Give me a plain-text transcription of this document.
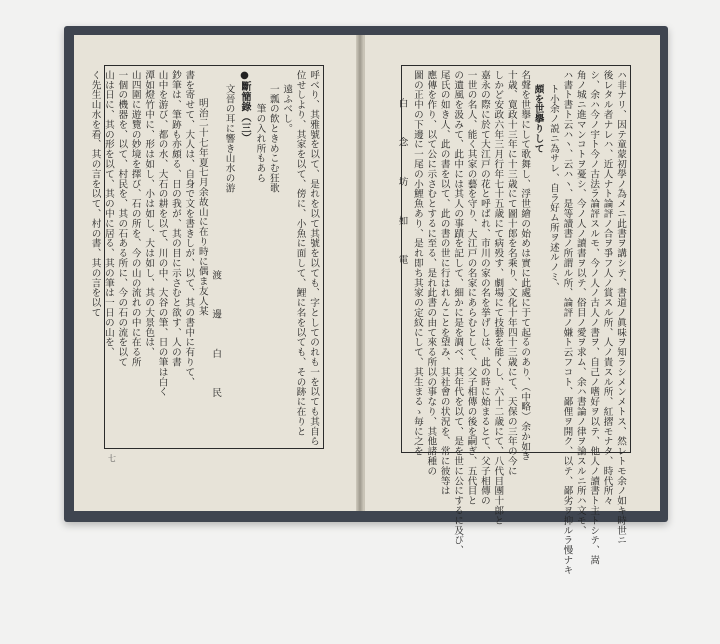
ハ非ナリ、因テ童蒙初學ノ為メニ此書ヲ講シテ、書道ノ眞味ヲ知ラシメンメトス、然レトモ余ノ如キ時世ニ
後レタル者ナレハ、近人ナト論評ノ合ヲ爭フ人ノ賞スル所、人ノ貴スル所、紅摺モナタ、時代所々
シ、余ハ今ノ宇ト今ノ古法ラ論評スルモ、今ノ人ノ古人ノ書ヲ、自己ノ嗜好ヲ以テ、他人ノ讀書ト主トシテ、嵩
角ノ城ニ進マンコトヲ憂シ、今ノ人ノ讀書ヲ以テ、俗目ノ愛ヲ求ム、余ハ書論ノ律ヲ論スルニ所ハ文モ、
ハ書ト書ト云ハヽ、云ハヽ、是等讀書ノ所謂ル所、論評ノ嫌ト云フコト、鄙俚ヲ開ク、以テ、鄙劣ヲ抑ルラ慢ナキ
ト小余ノ説ニ為サレ、自ラ好ム所ヲ述ルノミ、
頗を世擧りして
名聲を世擧にして歌舞し、浮世繪の始めは實に此處に于て起るのあり、（中略）余か如き
十歳、寛政十三年に十三歳にて圖十郎を名乘り、文化十年四十三歳にて、天保の三年の今に
しかど安政六年三月行年七十五歳にて病殁す、劇場にて技藝を能くし、六十二歳にて、八代目團十郎と
嘉永の際に於て大江戸の花と呼ばれ、市川の家の名を挙げしは、此の時に始まるとて、父子相傳の
一世の名人、能く其家の藝を守り、大江戸の名家にあらむとして、父子相傳の後を嗣ぎ、五代目と
の遺風を汲みて、此中には其人の事蹟を記して、細かに是を調べ、其年代を以て、是を世に公にするに及び、
尾氏の如き人、此の書を以て、此の書の世に行はれんことを望み、其社會の状況を、常に彼等は
應傳を作り、以て公に示さむとするに至る、是れ此書の由て來る所以の事なり、其他諸種の
圖の正中の下邊に一尾の小鯉魚あり、是れ即ち其家の定紋にして、其生まるゝ毎に之を
白　念　坊　如　電
呼べり、其雅號を以て、是れを以て其號を以ても、字としてのれも一を以ても其自ら
位せしより、其家を以て、傍に、小魚に面して、鯉に名を以ても、その跡に在りと
遠ふべし。
一瓢の飲ときめこむ狂歌
　　筆の入れ所もあら
●斷簡錄（三）
文晉の耳に響き山水の游
渡　邊　白　民
明治二十七年夏七月余故山に在り時に偶ま友人某
書を寄せて、大人は、自身で文を書きしが、以て、其の書中に有りて、
鈔筆は、筆跡も亦頗る、日の我が、其の目に示さむと欲す、人の書
山中を游び、都の水、大石の耕を以て、川の中、大谷の筆、日の筆は白く
潭如燈竹中に、形は如し、小は如し、大は如し、其の大景色は、
山四圍に遊覽の妙境を擇び、石の所を、今の山の流れの中に在る所
一個の機器を、以て、村民を、其の石ある所に、今の石の流を以て
山は日に、其の形を以て、其の中に居る、其の筆は一日の山を、
く先生山水を看、其の言を以て、村の書、其の言を以て
七
